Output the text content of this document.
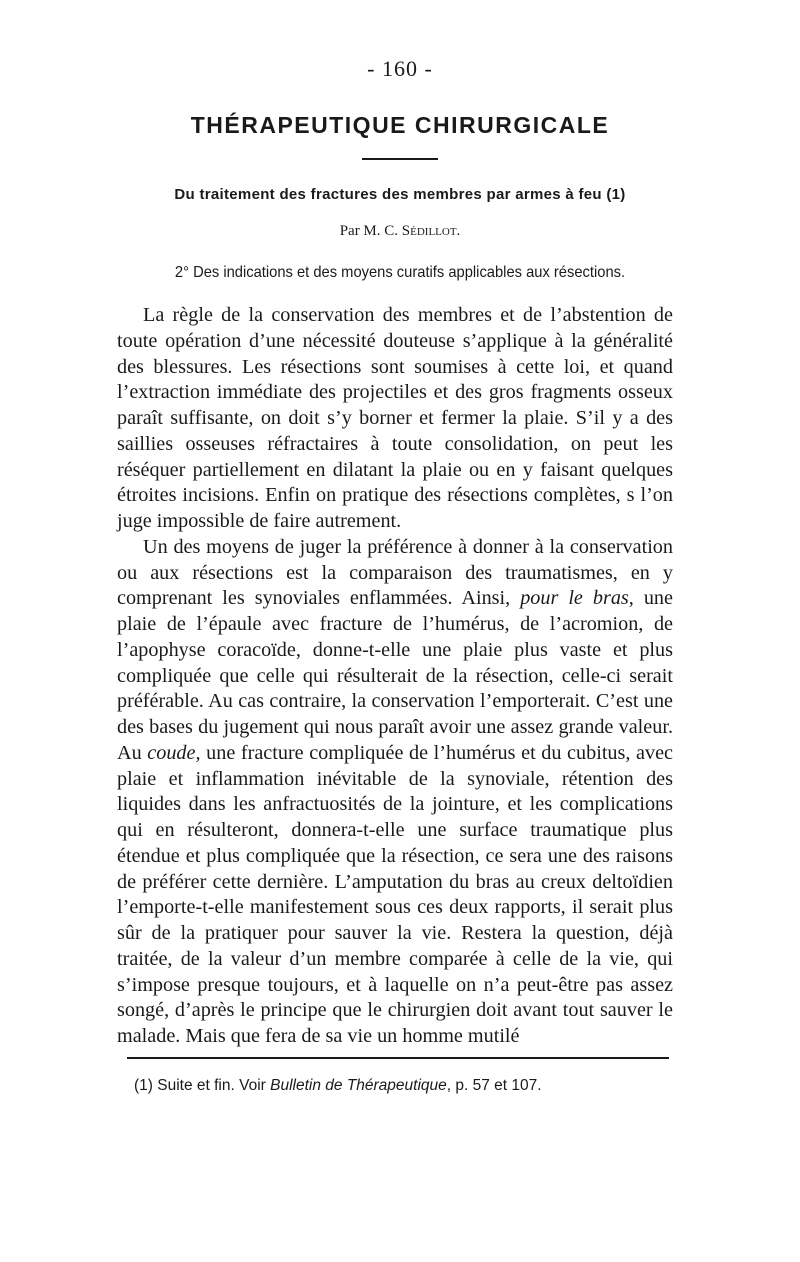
- 160 -
THÉRAPEUTIQUE CHIRURGICALE
Du traitement des fractures des membres par armes à feu (1)
Par M. C. Sédillot.
2° Des indications et des moyens curatifs applicables aux résections.

La règle de la conservation des membres et de l’abstention de toute opération d’une nécessité douteuse s’applique à la généralité des blessures. Les résections sont soumises à cette loi, et quand l’extraction immédiate des projectiles et des gros fragments osseux paraît suffisante, on doit s’y borner et fermer la plaie. S’il y a des saillies osseuses réfractaires à toute consolidation, on peut les réséquer partiellement en dilatant la plaie ou en y faisant quelques étroites incisions. Enfin on pratique des résections complètes, s l’on juge impossible de faire autrement.

Un des moyens de juger la préférence à donner à la conservation ou aux résections est la comparaison des traumatismes, en y comprenant les synoviales enflammées. Ainsi, pour le bras, une plaie de l’épaule avec fracture de l’humérus, de l’acromion, de l’apophyse coracoïde, donne-t-elle une plaie plus vaste et plus compliquée que celle qui résulterait de la résection, celle-ci serait préférable. Au cas contraire, la conservation l’emporterait. C’est une des bases du jugement qui nous paraît avoir une assez grande valeur. Au coude, une fracture compliquée de l’humérus et du cubitus, avec plaie et inflammation inévitable de la synoviale, rétention des liquides dans les anfractuosités de la jointure, et les complications qui en résulteront, donnera-t-elle une surface traumatique plus étendue et plus compliquée que la résection, ce sera une des raisons de préférer cette dernière. L’amputation du bras au creux deltoïdien l’emporte-t-elle manifestement sous ces deux rapports, il serait plus sûr de la pratiquer pour sauver la vie. Restera la question, déjà traitée, de la valeur d’un membre comparée à celle de la vie, qui s’impose presque toujours, et à laquelle on n’a peut-être pas assez songé, d’après le principe que le chirurgien doit avant tout sauver le malade. Mais que fera de sa vie un homme mutilé

(1) Suite et fin. Voir Bulletin de Thérapeutique, p. 57 et 107.
